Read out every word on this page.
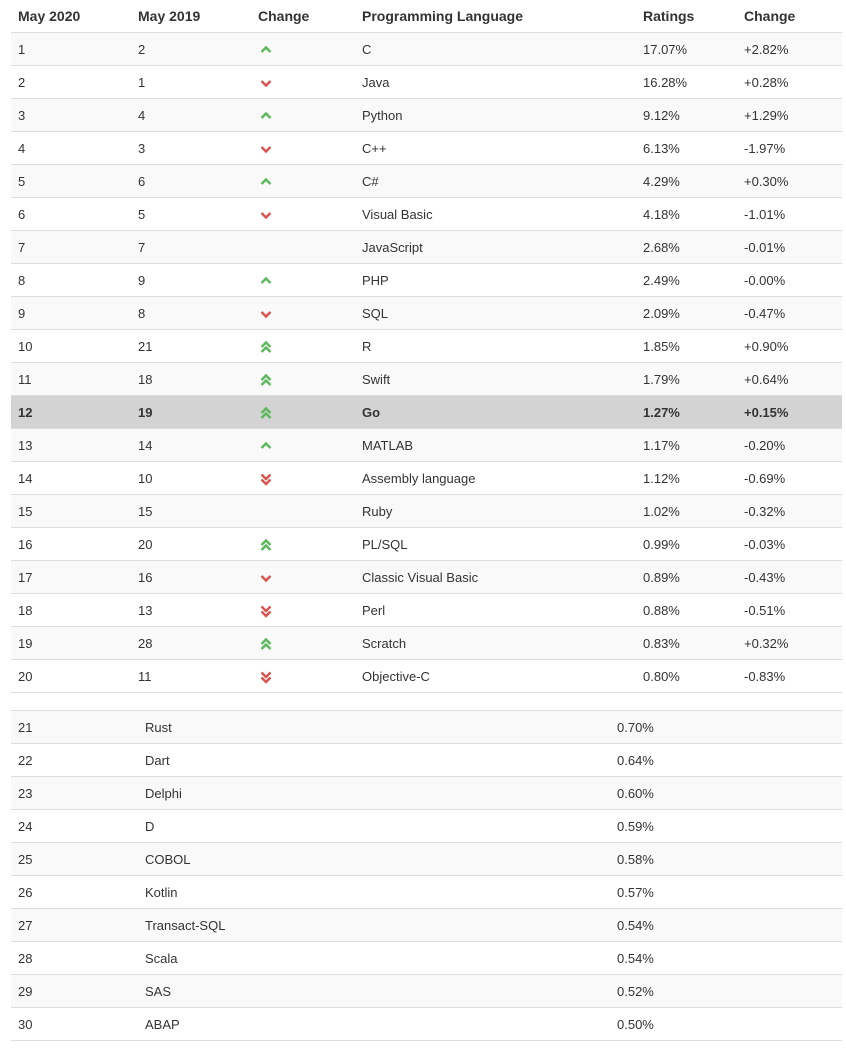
May 2020	May 2019	Change	Programming Language	Ratings	Change
1	2		C	17.07%	+2.82%
2	1		Java	16.28%	+0.28%
3	4		Python	9.12%	+1.29%
4	3		C++	6.13%	-1.97%
5	6		C#	4.29%	+0.30%
6	5		Visual Basic	4.18%	-1.01%
7	7		JavaScript	2.68%	-0.01%
8	9		PHP	2.49%	-0.00%
9	8		SQL	2.09%	-0.47%
10	21		R	1.85%	+0.90%
11	18		Swift	1.79%	+0.64%
12	19		Go	1.27%	+0.15%
13	14		MATLAB	1.17%	-0.20%
14	10		Assembly language	1.12%	-0.69%
15	15		Ruby	1.02%	-0.32%
16	20		PL/SQL	0.99%	-0.03%
17	16		Classic Visual Basic	0.89%	-0.43%
18	13		Perl	0.88%	-0.51%
19	28		Scratch	0.83%	+0.32%
20	11		Objective-C	0.80%	-0.83%
21	Rust	0.70%
22	Dart	0.64%
23	Delphi	0.60%
24	D	0.59%
25	COBOL	0.58%
26	Kotlin	0.57%
27	Transact-SQL	0.54%
28	Scala	0.54%
29	SAS	0.52%
30	ABAP	0.50%
